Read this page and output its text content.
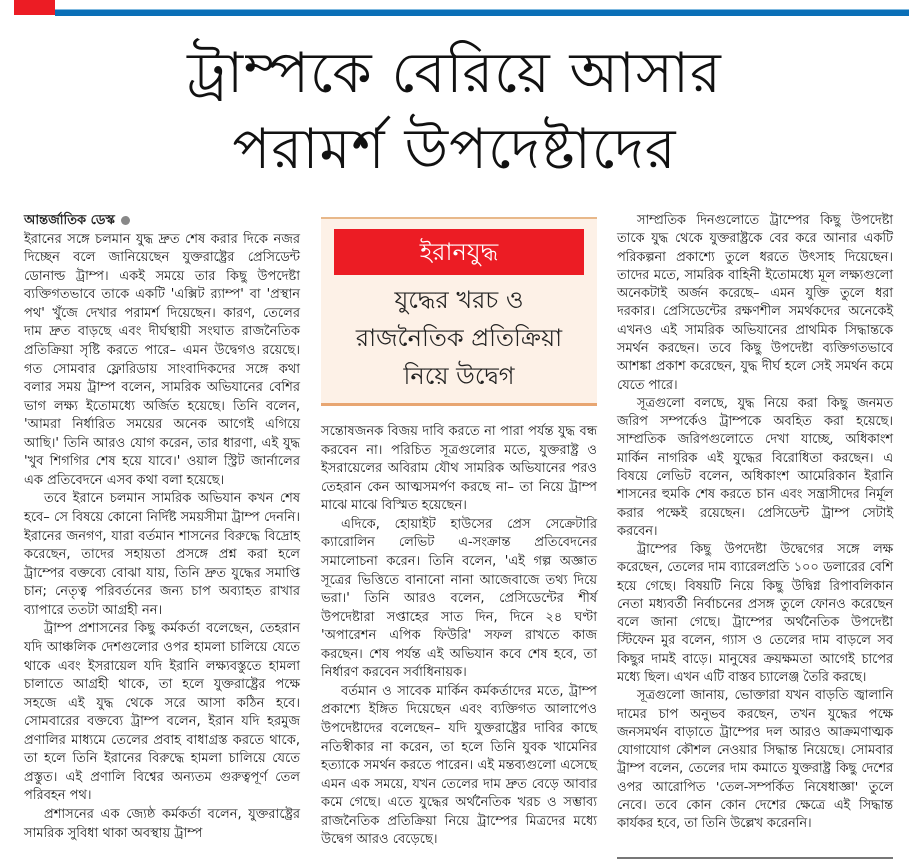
ট্রাম্পকে বেরিয়ে আসার
পরামর্শ উপদেষ্টাদের
আন্তর্জাতিক ডেস্ক

ইরানের সঙ্গে চলমান যুদ্ধ দ্রুত শেষ করার দিকে নজর দিচ্ছেন বলে জানিয়েছেন যুক্তরাষ্ট্রের প্রেসিডেন্ট ডোনাল্ড ট্রাম্প। একই সময়ে তার কিছু উপদেষ্টা ব্যক্তিগতভাবে তাকে একটি 'এক্সিট র‍্যাম্প' বা 'প্রস্থান পথ' খুঁজে দেখার পরামর্শ দিয়েছেন। কারণ, তেলের দাম দ্রুত বাড়ছে এবং দীর্ঘস্থায়ী সংঘাত রাজনৈতিক প্রতিক্রিয়া সৃষ্টি করতে পারে– এমন উদ্বেগও রয়েছে। গত সোমবার ফ্লোরিডায় সাংবাদিকদের সঙ্গে কথা বলার সময় ট্রাম্প বলেন, সামরিক অভিযানের বেশির ভাগ লক্ষ্য ইতোমধ্যে অর্জিত হয়েছে। তিনি বলেন, 'আমরা নির্ধারিত সময়ের অনেক আগেই এগিয়ে আছি।' তিনি আরও যোগ করেন, তার ধারণা, এই যুদ্ধ 'খুব শিগগির শেষ হয়ে যাবে।' ওয়াল স্ট্রিট জার্নালের এক প্রতিবেদনে এসব কথা বলা হয়েছে।

তবে ইরানে চলমান সামরিক অভিযান কখন শেষ হবে– সে বিষয়ে কোনো নির্দিষ্ট সময়সীমা ট্রাম্প দেননি। ইরানের জনগণ, যারা বর্তমান শাসনের বিরুদ্ধে বিদ্রোহ করেছেন, তাদের সহায়তা প্রসঙ্গে প্রশ্ন করা হলে ট্রাম্পের বক্তব্যে বোঝা যায়, তিনি দ্রুত যুদ্ধের সমাপ্তি চান; নেতৃত্ব পরিবর্তনের জন্য চাপ অব্যাহত রাখার ব্যাপারে ততটা আগ্রহী নন।

ট্রাম্প প্রশাসনের কিছু কর্মকর্তা বলেছেন, তেহরান যদি আঞ্চলিক দেশগুলোর ওপর হামলা চালিয়ে যেতে থাকে এবং ইসরায়েল যদি ইরানি লক্ষ্যবস্তুতে হামলা চালাতে আগ্রহী থাকে, তা হলে যুক্তরাষ্ট্রের পক্ষে সহজে এই যুদ্ধ থেকে সরে আসা কঠিন হবে। সোমবারের বক্তব্যে ট্রাম্প বলেন, ইরান যদি হরমুজ প্রণালির মাধ্যমে তেলের প্রবাহ বাধাগ্রস্ত করতে থাকে, তা হলে তিনি ইরানের বিরুদ্ধে হামলা চালিয়ে যেতে প্রস্তুত। এই প্রণালি বিশ্বের অন্যতম গুরুত্বপূর্ণ তেল পরিবহন পথ।

প্রশাসনের এক জ্যেষ্ঠ কর্মকর্তা বলেন, যুক্তরাষ্ট্রের সামরিক সুবিধা থাকা অবস্থায় ট্রাম্প

ইরানযুদ্ধ
যুদ্ধের খরচ ও
রাজনৈতিক প্রতিক্রিয়া
নিয়ে উদ্বেগ

সন্তোষজনক বিজয় দাবি করতে না পারা পর্যন্ত যুদ্ধ বন্ধ করবেন না। পরিচিত সূত্রগুলোর মতে, যুক্তরাষ্ট্র ও ইসরায়েলের অবিরাম যৌথ সামরিক অভিযানের পরও তেহরান কেন আত্মসমর্পণ করছে না– তা নিয়ে ট্রাম্প মাঝে মাঝে বিস্মিত হয়েছেন।

এদিকে, হোয়াইট হাউসের প্রেস সেক্রেটারি ক্যারোলিন লেভিট এ-সংক্রান্ত প্রতিবেদনের সমালোচনা করেন। তিনি বলেন, 'এই গল্প অজ্ঞাত সূত্রের ভিত্তিতে বানানো নানা আজেবাজে তথ্য দিয়ে ভরা।' তিনি আরও বলেন, প্রেসিডেন্টের শীর্ষ উপদেষ্টারা সপ্তাহের সাত দিন, দিনে ২৪ ঘণ্টা 'অপারেশন এপিক ফিউরি' সফল রাখতে কাজ করছেন। শেষ পর্যন্ত এই অভিযান কবে শেষ হবে, তা নির্ধারণ করবেন সর্বাধিনায়ক।

বর্তমান ও সাবেক মার্কিন কর্মকর্তাদের মতে, ট্রাম্প প্রকাশ্যে ইঙ্গিত দিয়েছেন এবং ব্যক্তিগত আলাপেও উপদেষ্টাদের বলেছেন– যদি যুক্তরাষ্ট্রের দাবির কাছে নতিস্বীকার না করেন, তা হলে তিনি যুবক খামেনির হত্যাকে সমর্থন করতে পারেন। এই মন্তব্যগুলো এসেছে এমন এক সময়ে, যখন তেলের দাম দ্রুত বেড়ে আবার কমে গেছে। এতে যুদ্ধের অর্থনৈতিক খরচ ও সম্ভাব্য রাজনৈতিক প্রতিক্রিয়া নিয়ে ট্রাম্পের মিত্রদের মধ্যে উদ্বেগ আরও বেড়েছে।

সাম্প্রতিক দিনগুলোতে ট্রাম্পের কিছু উপদেষ্টা তাকে যুদ্ধ থেকে যুক্তরাষ্ট্রকে বের করে আনার একটি পরিকল্পনা প্রকাশ্যে তুলে ধরতে উৎসাহ দিয়েছেন। তাদের মতে, সামরিক বাহিনী ইতোমধ্যে মূল লক্ষ্যগুলো অনেকটাই অর্জন করেছে– এমন যুক্তি তুলে ধরা দরকার। প্রেসিডেন্টের রক্ষণশীল সমর্থকদের অনেকেই এখনও এই সামরিক অভিযানের প্রাথমিক সিদ্ধান্তকে সমর্থন করছেন। তবে কিছু উপদেষ্টা ব্যক্তিগতভাবে আশঙ্কা প্রকাশ করেছেন, যুদ্ধ দীর্ঘ হলে সেই সমর্থন কমে যেতে পারে।

সূত্রগুলো বলছে, যুদ্ধ নিয়ে করা কিছু জনমত জরিপ সম্পর্কেও ট্রাম্পকে অবহিত করা হয়েছে। সাম্প্রতিক জরিপগুলোতে দেখা যাচ্ছে, অধিকাংশ মার্কিন নাগরিক এই যুদ্ধের বিরোধিতা করছেন। এ বিষয়ে লেভিট বলেন, অধিকাংশ আমেরিকান ইরানি শাসনের হুমকি শেষ করতে চান এবং সন্ত্রাসীদের নির্মূল করার পক্ষেই রয়েছেন। প্রেসিডেন্ট ট্রাম্প সেটাই করবেন।

ট্রাম্পের কিছু উপদেষ্টা উদ্বেগের সঙ্গে লক্ষ করেছেন, তেলের দাম ব্যারেলপ্রতি ১০০ ডলারের বেশি হয়ে গেছে। বিষয়টি নিয়ে কিছু উদ্বিগ্ন রিপাবলিকান নেতা মধ্যবর্তী নির্বাচনের প্রসঙ্গ তুলে ফোনও করেছেন বলে জানা গেছে। ট্রাম্পের অর্থনৈতিক উপদেষ্টা স্টিফেন মুর বলেন, গ্যাস ও তেলের দাম বাড়লে সব কিছুর দামই বাড়ে। মানুষের ক্রয়ক্ষমতা আগেই চাপের মধ্যে ছিল। এখন এটি বাস্তব চ্যালেঞ্জ তৈরি করছে।

সূত্রগুলো জানায়, ভোক্তারা যখন বাড়তি জ্বালানি দামের চাপ অনুভব করছেন, তখন যুদ্ধের পক্ষে জনসমর্থন বাড়াতে ট্রাম্পের দল আরও আক্রমণাত্মক যোগাযোগ কৌশল নেওয়ার সিদ্ধান্ত নিয়েছে। সোমবার ট্রাম্প বলেন, তেলের দাম কমাতে যুক্তরাষ্ট্র কিছু দেশের ওপর আরোপিত 'তেল-সম্পর্কিত নিষেধাজ্ঞা' তুলে নেবে। তবে কোন কোন দেশের ক্ষেত্রে এই সিদ্ধান্ত কার্যকর হবে, তা তিনি উল্লেখ করেননি।
